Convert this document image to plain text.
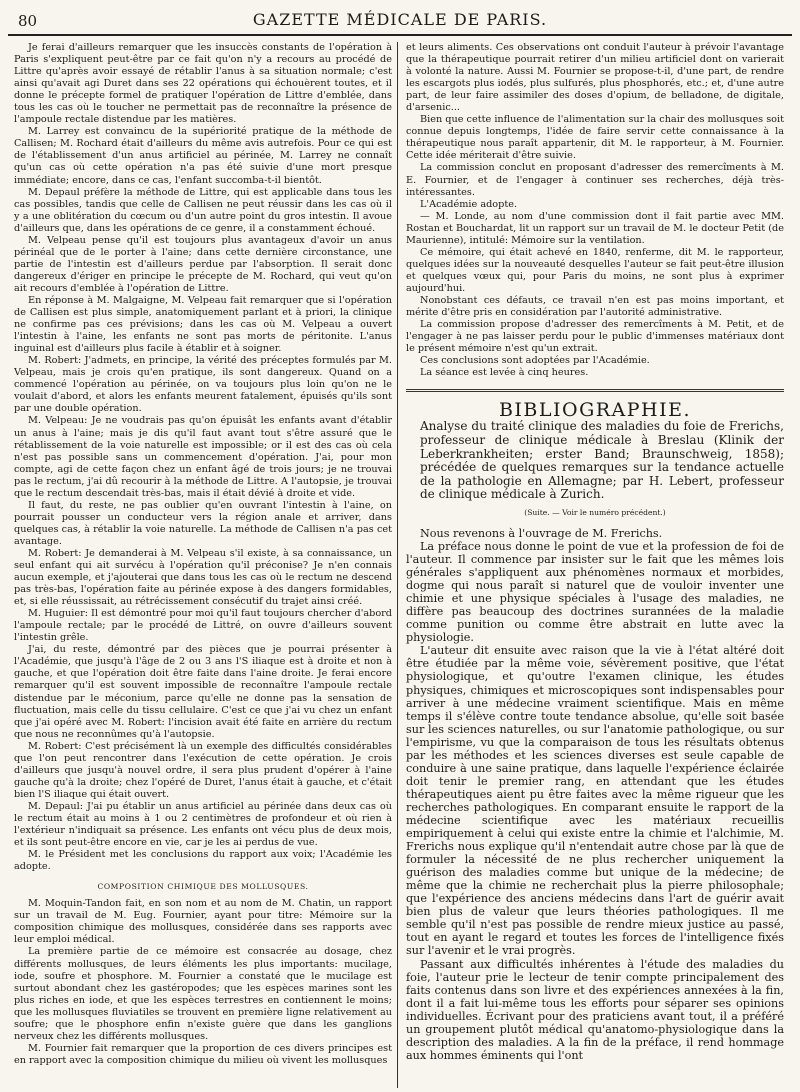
80	GAZETTE MÉDICALE DE PARIS.

Je ferai d'ailleurs remarquer que les insuccès constants de l'opération à Paris s'expliquent peut-être par ce fait qu'on n'y a recours au procédé de Littre qu'après avoir essayé de rétablir l'anus à sa situation normale; c'est ainsi qu'avait agi Duret dans ses 22 opérations qui échouèrent toutes, et il donne le précepte formel de pratiquer l'opération de Littre d'emblée, dans tous les cas où le toucher ne permettait pas de reconnaître la présence de l'ampoule rectale distendue par les matières.

M. Larrey est convaincu de la supériorité pratique de la méthode de Callisen; M. Rochard était d'ailleurs du même avis autrefois. Pour ce qui est de l'établissement d'un anus artificiel au périnée, M. Larrey ne connaît qu'un cas où cette opération n'a pas été suivie d'une mort presque immédiate; encore, dans ce cas, l'enfant succomba-t-il bientôt.

M. Depaul préfère la méthode de Littre, qui est applicable dans tous les cas possibles, tandis que celle de Callisen ne peut réussir dans les cas où il y a une oblitération du cœcum ou d'un autre point du gros intestin. Il avoue d'ailleurs que, dans les opérations de ce genre, il a constamment échoué.

M. Velpeau pense qu'il est toujours plus avantageux d'avoir un anus périnéal que de le porter à l'aine; dans cette dernière circonstance, une partie de l'intestin est d'ailleurs perdue par l'absorption. Il serait donc dangereux d'ériger en principe le précepte de M. Rochard, qui veut qu'on ait recours d'emblée à l'opération de Littre.

En réponse à M. Malgaigne, M. Velpeau fait remarquer que si l'opération de Callisen est plus simple, anatomiquement parlant et à priori, la clinique ne confirme pas ces prévisions; dans les cas où M. Velpeau a ouvert l'intestin à l'aine, les enfants ne sont pas morts de péritonite. L'anus inguinal est d'ailleurs plus facile à établir et à soigner.

M. Robert: J'admets, en principe, la vérité des préceptes formulés par M. Velpeau, mais je crois qu'en pratique, ils sont dangereux. Quand on a commencé l'opération au périnée, on va toujours plus loin qu'on ne le voulait d'abord, et alors les enfants meurent fatalement, épuisés qu'ils sont par une double opération.

M. Velpeau: Je ne voudrais pas qu'on épuisât les enfants avant d'établir un anus à l'aine; mais je dis qu'il faut avant tout s'être assuré que le rétablissement de la voie naturelle est impossible; or il est des cas où cela n'est pas possible sans un commencement d'opération. J'ai, pour mon compte, agi de cette façon chez un enfant âgé de trois jours; je ne trouvai pas le rectum, j'ai dû recourir à la méthode de Littre. A l'autopsie, je trouvai que le rectum descendait très-bas, mais il était dévié à droite et vide.

Il faut, du reste, ne pas oublier qu'en ouvrant l'intestin à l'aine, on pourrait pousser un conducteur vers la région anale et arriver, dans quelques cas, à rétablir la voie naturelle. La méthode de Callisen n'a pas cet avantage.

M. Robert: Je demanderai à M. Velpeau s'il existe, à sa connaissance, un seul enfant qui ait survécu à l'opération qu'il préconise? Je n'en connais aucun exemple, et j'ajouterai que dans tous les cas où le rectum ne descend pas très-bas, l'opération faite au périnée expose à des dangers formidables, et, si elle réussissait, au rétrécissement consécutif du trajet ainsi créé.

M. Huguier: Il est démontré pour moi qu'il faut toujours chercher d'abord l'ampoule rectale; par le procédé de Littré, on ouvre d'ailleurs souvent l'intestin grêle.

J'ai, du reste, démontré par des pièces que je pourrai présenter à l'Académie, que jusqu'à l'âge de 2 ou 3 ans l'S iliaque est à droite et non à gauche, et que l'opération doit être faite dans l'aine droite. Je ferai encore remarquer qu'il est souvent impossible de reconnaître l'ampoule rectale distendue par le méconium, parce qu'elle ne donne pas la sensation de fluctuation, mais celle du tissu cellulaire. C'est ce que j'ai vu chez un enfant que j'ai opéré avec M. Robert: l'incision avait été faite en arrière du rectum que nous ne reconnûmes qu'à l'autopsie.

M. Robert: C'est précisément là un exemple des difficultés considérables que l'on peut rencontrer dans l'exécution de cette opération. Je crois d'ailleurs que jusqu'à nouvel ordre, il sera plus prudent d'opérer à l'aine gauche qu'à la droite; chez l'opéré de Duret, l'anus était à gauche, et c'était bien l'S iliaque qui était ouvert.

M. Depaul: J'ai pu établir un anus artificiel au périnée dans deux cas où le rectum était au moins à 1 ou 2 centimètres de profondeur et où rien à l'extérieur n'indiquait sa présence. Les enfants ont vécu plus de deux mois, et ils sont peut-être encore en vie, car je les ai perdus de vue.

M. le Président met les conclusions du rapport aux voix; l'Académie les adopte.

COMPOSITION CHIMIQUE DES MOLLUSQUES.

M. Moquin-Tandon fait, en son nom et au nom de M. Chatin, un rapport sur un travail de M. Eug. Fournier, ayant pour titre: Mémoire sur la composition chimique des mollusques, considérée dans ses rapports avec leur emploi médical.

La première partie de ce mémoire est consacrée au dosage, chez différents mollusques, de leurs éléments les plus importants: mucilage, iode, soufre et phosphore. M. Fournier a constaté que le mucilage est surtout abondant chez les gastéropodes; que les espèces marines sont les plus riches en iode, et que les espèces terrestres en contiennent le moins; que les mollusques fluviatiles se trouvent en première ligne relativement au soufre; que le phosphore enfin n'existe guère que dans les ganglions nerveux chez les différents mollusques.

M. Fournier fait remarquer que la proportion de ces divers principes est en rapport avec la composition chimique du milieu où vivent les mollusques

et leurs aliments. Ces observations ont conduit l'auteur à prévoir l'avantage que la thérapeutique pourrait retirer d'un milieu artificiel dont on varierait à volonté la nature. Aussi M. Fournier se propose-t-il, d'une part, de rendre les escargots plus iodés, plus sulfurés, plus phosphorés, etc.; et, d'une autre part, de leur faire assimiler des doses d'opium, de belladone, de digitale, d'arsenic...

Bien que cette influence de l'alimentation sur la chair des mollusques soit connue depuis longtemps, l'idée de faire servir cette connaissance à la thérapeutique nous paraît appartenir, dit M. le rapporteur, à M. Fournier. Cette idée mériterait d'être suivie.

La commission conclut en proposant d'adresser des remercîments à M. E. Fournier, et de l'engager à continuer ses recherches, déjà très-intéressantes.

L'Académie adopte.

— M. Londe, au nom d'une commission dont il fait partie avec MM. Rostan et Bouchardat, lit un rapport sur un travail de M. le docteur Petit (de Maurienne), intitulé: Mémoire sur la ventilation.

Ce mémoire, qui était achevé en 1840, renferme, dit M. le rapporteur, quelques idées sur la nouveauté desquelles l'auteur se fait peut-être illusion et quelques vœux qui, pour Paris du moins, ne sont plus à exprimer aujourd'hui.

Nonobstant ces défauts, ce travail n'en est pas moins important, et mérite d'être pris en considération par l'autorité administrative.

La commission propose d'adresser des remercîments à M. Petit, et de l'engager à ne pas laisser perdu pour le public d'immenses matériaux dont le présent mémoire n'est qu'un extrait.

Ces conclusions sont adoptées par l'Académie.

La séance est levée à cinq heures.

BIBLIOGRAPHIE.
Analyse du traité clinique des maladies du foie de Frerichs, professeur de clinique médicale à Breslau (Klinik der Leberkrankheiten; erster Band; Braunschweig, 1858); précédée de quelques remarques sur la tendance actuelle de la pathologie en Allemagne; par H. Lebert, professeur de clinique médicale à Zurich.
(Suite. — Voir le numéro précédent.)

Nous revenons à l'ouvrage de M. Frerichs.

La préface nous donne le point de vue et la profession de foi de l'auteur. Il commence par insister sur le fait que les mêmes lois générales s'appliquent aux phénomènes normaux et morbides, dogme qui nous paraît si naturel que de vouloir inventer une chimie et une physique spéciales à l'usage des maladies, ne diffère pas beaucoup des doctrines surannées de la maladie comme punition ou comme être abstrait en lutte avec la physiologie.

L'auteur dit ensuite avec raison que la vie à l'état altéré doit être étudiée par la même voie, sévèrement positive, que l'état physiologique, et qu'outre l'examen clinique, les études physiques, chimiques et microscopiques sont indispensables pour arriver à une médecine vraiment scientifique. Mais en même temps il s'élève contre toute tendance absolue, qu'elle soit basée sur les sciences naturelles, ou sur l'anatomie pathologique, ou sur l'empirisme, vu que la comparaison de tous les résultats obtenus par les méthodes et les sciences diverses est seule capable de conduire à une saine pratique, dans laquelle l'expérience éclairée doit tenir le premier rang, en attendant que les études thérapeutiques aient pu être faites avec la même rigueur que les recherches pathologiques. En comparant ensuite le rapport de la médecine scientifique avec les matériaux recueillis empiriquement à celui qui existe entre la chimie et l'alchimie, M. Frerichs nous explique qu'il n'entendait autre chose par là que de formuler la nécessité de ne plus rechercher uniquement la guérison des maladies comme but unique de la médecine; de même que la chimie ne recherchait plus la pierre philosophale; que l'expérience des anciens médecins dans l'art de guérir avait bien plus de valeur que leurs théories pathologiques. Il me semble qu'il n'est pas possible de rendre mieux justice au passé, tout en ayant le regard et toutes les forces de l'intelligence fixés sur l'avenir et le vrai progrès.

Passant aux difficultés inhérentes à l'étude des maladies du foie, l'auteur prie le lecteur de tenir compte principalement des faits contenus dans son livre et des expériences annexées à la fin, dont il a fait lui-même tous les efforts pour séparer ses opinions individuelles. Écrivant pour des praticiens avant tout, il a préféré un groupement plutôt médical qu'anatomo-physiologique dans la description des maladies. A la fin de la préface, il rend hommage aux hommes éminents qui l'ont
